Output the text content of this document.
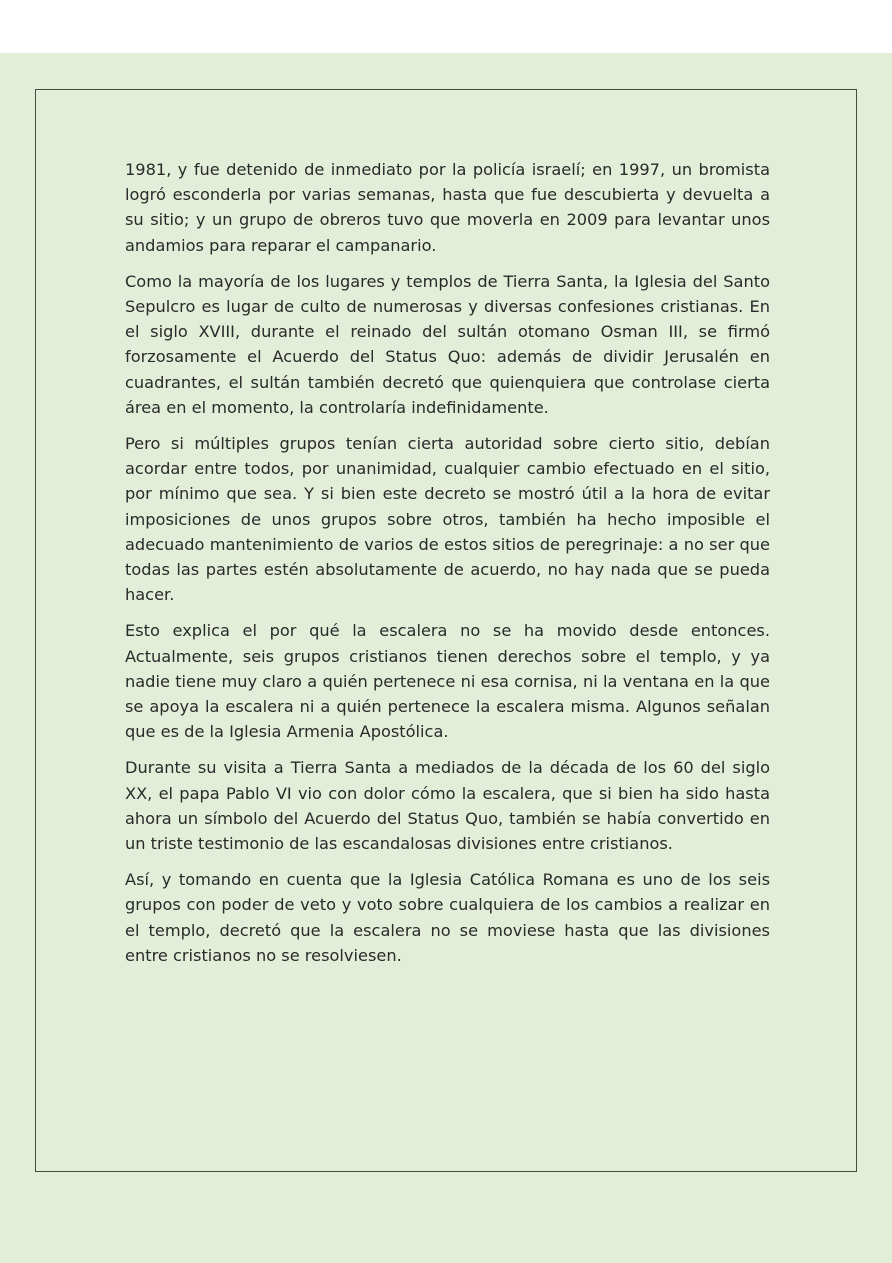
1981, y fue detenido de inmediato por la policía israelí; en 1997, un bromista logró esconderla por varias semanas, hasta que fue descubierta y devuelta a su sitio; y un grupo de obreros tuvo que moverla en 2009 para levantar unos andamios para reparar el campanario.

Como la mayoría de los lugares y templos de Tierra Santa, la Iglesia del Santo Sepulcro es lugar de culto de numerosas y diversas confesiones cristianas. En el siglo XVIII, durante el reinado del sultán otomano Osman III, se firmó forzosamente el Acuerdo del Status Quo: además de dividir Jerusalén en cuadrantes, el sultán también decretó que quienquiera que controlase cierta área en el momento, la controlaría indefinidamente.

Pero si múltiples grupos tenían cierta autoridad sobre cierto sitio, debían acordar entre todos, por unanimidad, cualquier cambio efectuado en el sitio, por mínimo que sea. Y si bien este decreto se mostró útil a la hora de evitar imposiciones de unos grupos sobre otros, también ha hecho imposible el adecuado mantenimiento de varios de estos sitios de peregrinaje: a no ser que todas las partes estén absolutamente de acuerdo, no hay nada que se pueda hacer.

Esto explica el por qué la escalera no se ha movido desde entonces. Actualmente, seis grupos cristianos tienen derechos sobre el templo, y ya nadie tiene muy claro a quién pertenece ni esa cornisa, ni la ventana en la que se apoya la escalera ni a quién pertenece la escalera misma. Algunos señalan que es de la Iglesia Armenia Apostólica.

Durante su visita a Tierra Santa a mediados de la década de los 60 del siglo XX, el papa Pablo VI vio con dolor cómo la escalera, que si bien ha sido hasta ahora un símbolo del Acuerdo del Status Quo, también se había convertido en un triste testimonio de las escandalosas divisiones entre cristianos.

Así, y tomando en cuenta que la Iglesia Católica Romana es uno de los seis grupos con poder de veto y voto sobre cualquiera de los cambios a realizar en el templo, decretó que la escalera no se moviese hasta que las divisiones entre cristianos no se resolviesen.
